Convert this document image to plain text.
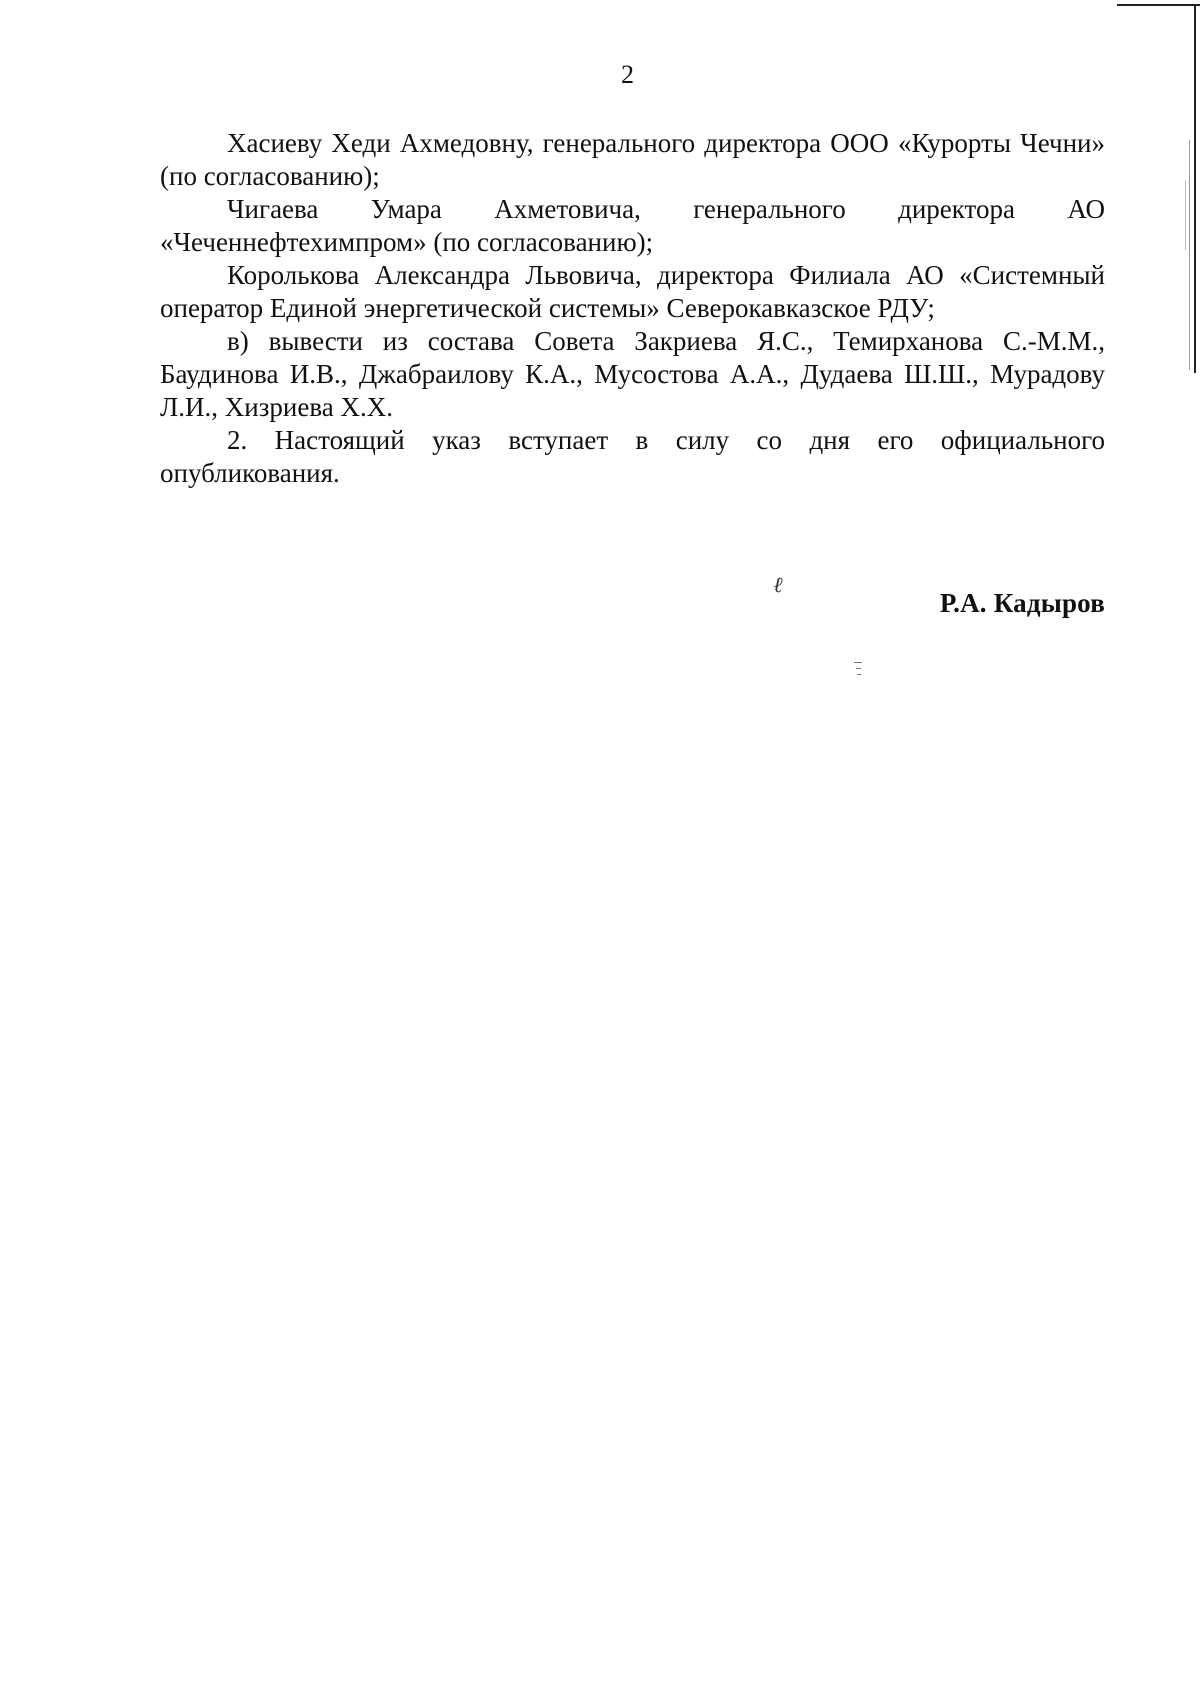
2

Хасиеву Хеди Ахмедовну, генерального директора ООО «Курорты Чечни» (по согласованию);

Чигаева Умара Ахметовича, генерального директора АО «Чеченнефтехимпром» (по согласованию);

Королькова Александра Львовича, директора Филиала АО «Системный оператор Единой энергетической системы» Северокавказское РДУ;

в) вывести из состава Совета Закриева Я.С., Темирханова С.-М.М., Баудинова И.В., Джабраилову К.А., Мусостова А.А., Дудаева Ш.Ш., Мурадову Л.И., Хизриева Х.Х.

2. Настоящий указ вступает в силу со дня его официального опубликования.

ℓ
Р.А. Кадыров
